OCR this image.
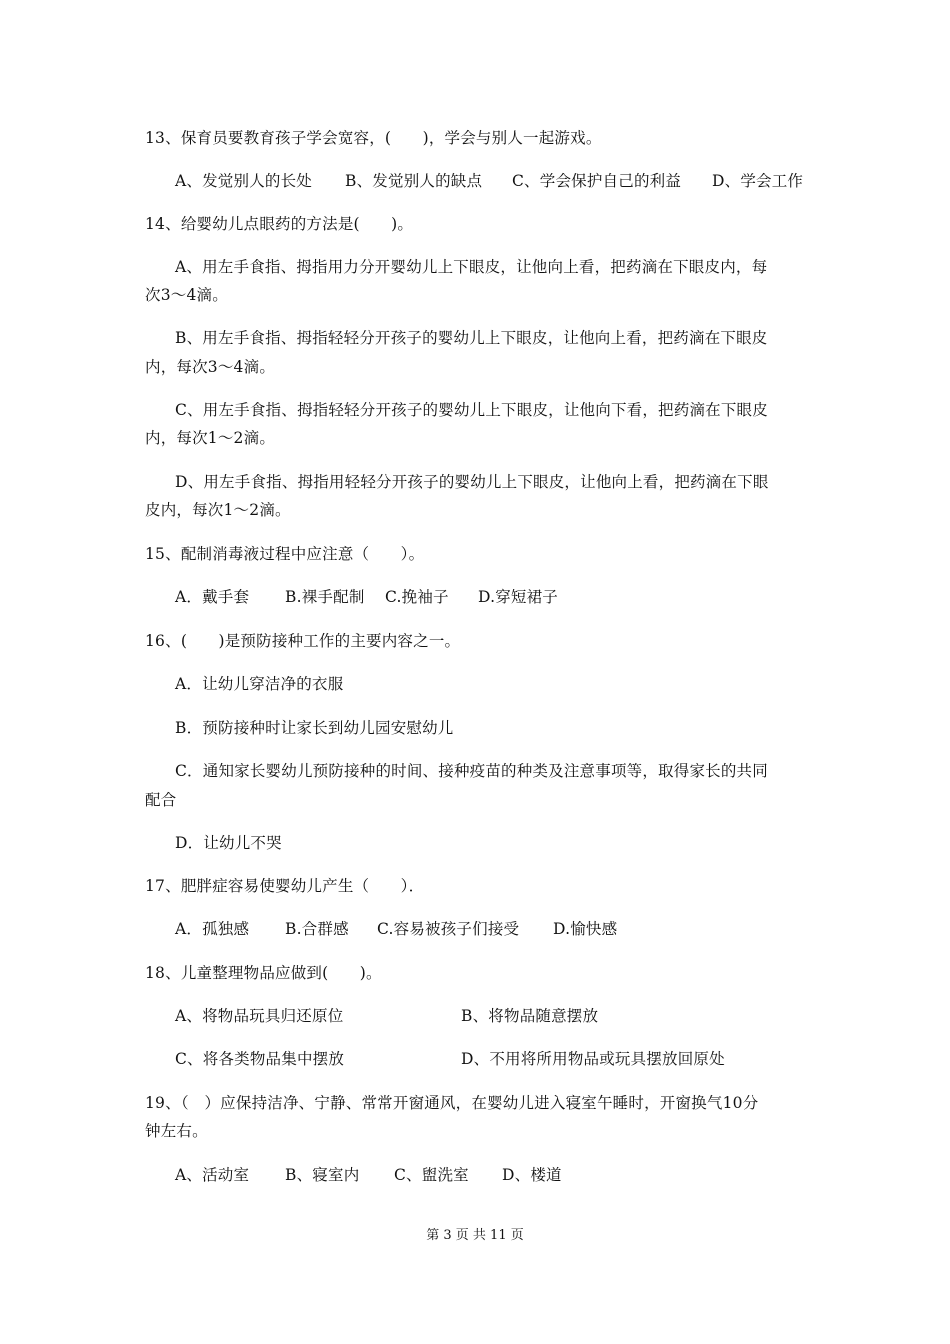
13、保育员要教育孩子学会宽容，(　　)，学会与别人一起游戏。
A、发觉别人的长处 B、发觉别人的缺点 C、学会保护自己的利益 D、学会工作
14、给婴幼儿点眼药的方法是(　　)。
A、用左手食指、拇指用力分开婴幼儿上下眼皮，让他向上看，把药滴在下眼皮内，每
次3～4滴。
B、用左手食指、拇指轻轻分开孩子的婴幼儿上下眼皮，让他向上看，把药滴在下眼皮
内，每次3～4滴。
C、用左手食指、拇指轻轻分开孩子的婴幼儿上下眼皮，让他向下看，把药滴在下眼皮
内，每次1～2滴。
D、用左手食指、拇指用轻轻分开孩子的婴幼儿上下眼皮，让他向上看，把药滴在下眼
皮内，每次1～2滴。
15、配制消毒液过程中应注意（　　）。
A．戴手套 B.裸手配制 C.挽袖子 D.穿短裙子
16、(　　)是预防接种工作的主要内容之一。
A．让幼儿穿洁净的衣服
B．预防接种时让家长到幼儿园安慰幼儿
C．通知家长婴幼儿预防接种的时间、接种疫苗的种类及注意事项等，取得家长的共同
配合
D．让幼儿不哭
17、肥胖症容易使婴幼儿产生（　　）．
A．孤独感 B.合群感 C.容易被孩子们接受 D.愉快感
18、儿童整理物品应做到(　　)。
A、将物品玩具归还原位	B、将物品随意摆放
C、将各类物品集中摆放	D、不用将所用物品或玩具摆放回原处
19、（　）应保持洁净、宁静、常常开窗通风，在婴幼儿进入寝室午睡时，开窗换气10分
钟左右。
A、活动室 B、寝室内 C、盥洗室 D、楼道
第 3 页 共 11 页
